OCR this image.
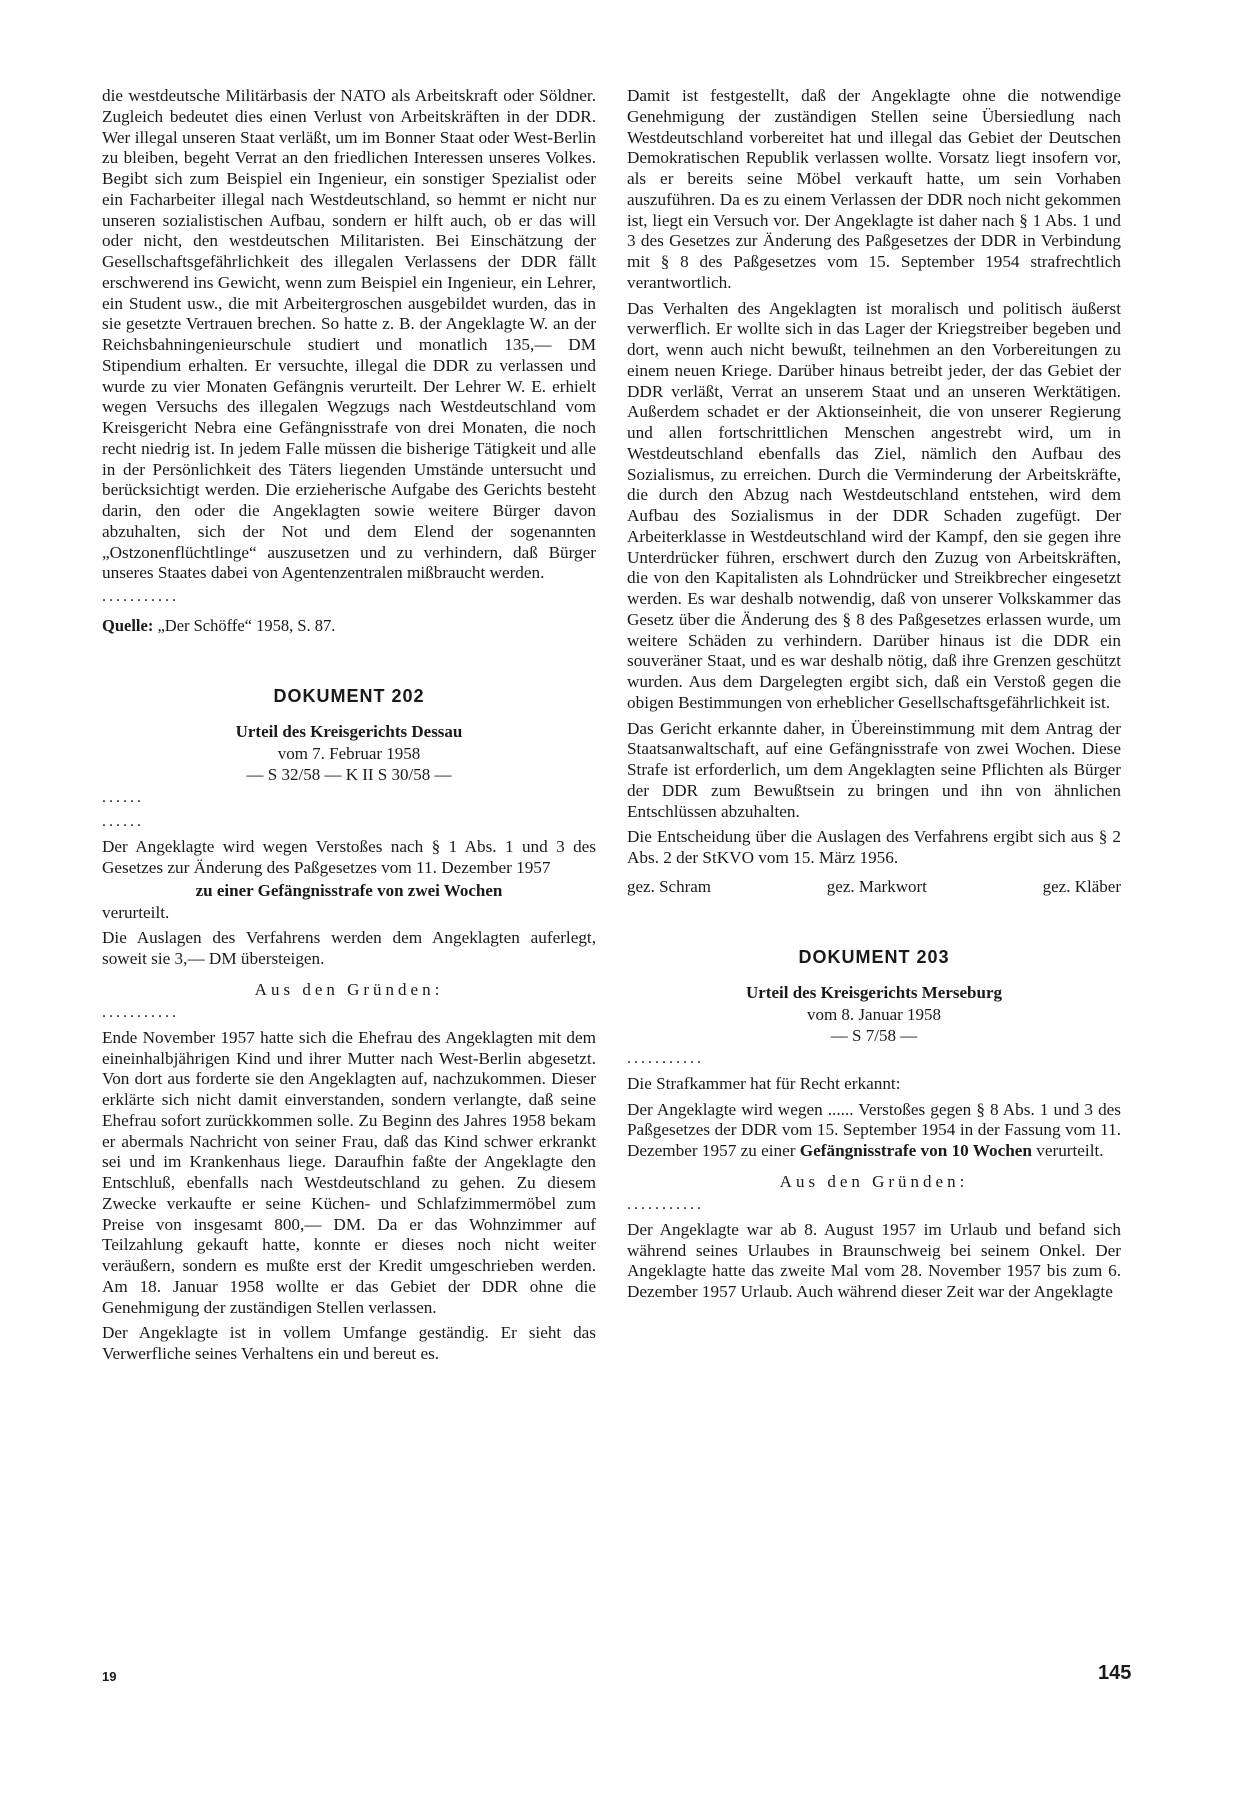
die westdeutsche Militärbasis der NATO als Arbeitskraft oder Söldner. Zugleich bedeutet dies einen Verlust von Arbeitskräften in der DDR. Wer illegal unseren Staat verläßt, um im Bonner Staat oder West-Berlin zu bleiben, begeht Verrat an den friedlichen Interessen unseres Volkes. Begibt sich zum Beispiel ein Ingenieur, ein sonstiger Spezialist oder ein Facharbeiter illegal nach Westdeutschland, so hemmt er nicht nur unseren sozialistischen Aufbau, sondern er hilft auch, ob er das will oder nicht, den westdeutschen Militaristen. Bei Einschätzung der Gesellschaftsgefährlichkeit des illegalen Verlassens der DDR fällt erschwerend ins Gewicht, wenn zum Beispiel ein Ingenieur, ein Lehrer, ein Student usw., die mit Arbeitergroschen ausgebildet wurden, das in sie gesetzte Vertrauen brechen. So hatte z. B. der Angeklagte W. an der Reichsbahningenieurschule studiert und monatlich 135,— DM Stipendium erhalten. Er versuchte, illegal die DDR zu verlassen und wurde zu vier Monaten Gefängnis verurteilt. Der Lehrer W. E. erhielt wegen Versuchs des illegalen Wegzugs nach Westdeutschland vom Kreisgericht Nebra eine Gefängnisstrafe von drei Monaten, die noch recht niedrig ist. In jedem Falle müssen die bisherige Tätigkeit und alle in der Persönlichkeit des Täters liegenden Umstände untersucht und berücksichtigt werden. Die erzieherische Aufgabe des Gerichts besteht darin, den oder die Angeklagten sowie weitere Bürger davon abzuhalten, sich der Not und dem Elend der sogenannten „Ostzonenflüchtlinge“ auszusetzen und zu verhindern, daß Bürger unseres Staates dabei von Agentenzentralen mißbraucht werden.

...........
Quelle: „Der Schöffe“ 1958, S. 87.
DOKUMENT 202
Urteil des Kreisgerichts Dessau
vom 7. Februar 1958
— S 32/58 — K II S 30/58 —
......
......

Der Angeklagte wird wegen Verstoßes nach § 1 Abs. 1 und 3 des Gesetzes zur Änderung des Paßgesetzes vom 11. Dezember 1957

zu einer Gefängnisstrafe von zwei Wochen

verurteilt.

Die Auslagen des Verfahrens werden dem Angeklagten auferlegt, soweit sie 3,— DM übersteigen.

Aus den Gründen:
...........

Ende November 1957 hatte sich die Ehefrau des Angeklagten mit dem eineinhalbjährigen Kind und ihrer Mutter nach West-Berlin abgesetzt. Von dort aus forderte sie den Angeklagten auf, nachzukommen. Dieser erklärte sich nicht damit einverstanden, sondern verlangte, daß seine Ehefrau sofort zurückkommen solle. Zu Beginn des Jahres 1958 bekam er abermals Nachricht von seiner Frau, daß das Kind schwer erkrankt sei und im Krankenhaus liege. Daraufhin faßte der Angeklagte den Entschluß, ebenfalls nach Westdeutschland zu gehen. Zu diesem Zwecke verkaufte er seine Küchen- und Schlafzimmermöbel zum Preise von insgesamt 800,— DM. Da er das Wohnzimmer auf Teilzahlung gekauft hatte, konnte er dieses noch nicht weiter veräußern, sondern es mußte erst der Kredit umgeschrieben werden. Am 18. Januar 1958 wollte er das Gebiet der DDR ohne die Genehmigung der zuständigen Stellen verlassen.

Der Angeklagte ist in vollem Umfange geständig. Er sieht das Verwerfliche seines Verhaltens ein und bereut es.

Damit ist festgestellt, daß der Angeklagte ohne die notwendige Genehmigung der zuständigen Stellen seine Übersiedlung nach Westdeutschland vorbereitet hat und illegal das Gebiet der Deutschen Demokratischen Republik verlassen wollte. Vorsatz liegt insofern vor, als er bereits seine Möbel verkauft hatte, um sein Vorhaben auszuführen. Da es zu einem Verlassen der DDR noch nicht gekommen ist, liegt ein Versuch vor. Der Angeklagte ist daher nach § 1 Abs. 1 und 3 des Gesetzes zur Änderung des Paßgesetzes der DDR in Verbindung mit § 8 des Paßgesetzes vom 15. September 1954 strafrechtlich verantwortlich.

Das Verhalten des Angeklagten ist moralisch und politisch äußerst verwerflich. Er wollte sich in das Lager der Kriegstreiber begeben und dort, wenn auch nicht bewußt, teilnehmen an den Vorbereitungen zu einem neuen Kriege. Darüber hinaus betreibt jeder, der das Gebiet der DDR verläßt, Verrat an unserem Staat und an unseren Werktätigen. Außerdem schadet er der Aktionseinheit, die von unserer Regierung und allen fortschrittlichen Menschen angestrebt wird, um in Westdeutschland ebenfalls das Ziel, nämlich den Aufbau des Sozialismus, zu erreichen. Durch die Verminderung der Arbeitskräfte, die durch den Abzug nach Westdeutschland entstehen, wird dem Aufbau des Sozialismus in der DDR Schaden zugefügt. Der Arbeiterklasse in Westdeutschland wird der Kampf, den sie gegen ihre Unterdrücker führen, erschwert durch den Zuzug von Arbeitskräften, die von den Kapitalisten als Lohndrücker und Streikbrecher eingesetzt werden. Es war deshalb notwendig, daß von unserer Volkskammer das Gesetz über die Änderung des § 8 des Paßgesetzes erlassen wurde, um weitere Schäden zu verhindern. Darüber hinaus ist die DDR ein souveräner Staat, und es war deshalb nötig, daß ihre Grenzen geschützt wurden. Aus dem Dargelegten ergibt sich, daß ein Verstoß gegen die obigen Bestimmungen von erheblicher Gesellschaftsgefährlichkeit ist.

Das Gericht erkannte daher, in Übereinstimmung mit dem Antrag der Staatsanwaltschaft, auf eine Gefängnisstrafe von zwei Wochen. Diese Strafe ist erforderlich, um dem Angeklagten seine Pflichten als Bürger der DDR zum Bewußtsein zu bringen und ihn von ähnlichen Entschlüssen abzuhalten.

Die Entscheidung über die Auslagen des Verfahrens ergibt sich aus § 2 Abs. 2 der StKVO vom 15. März 1956.

gez. Schram	gez. Markwort	gez. Kläber
DOKUMENT 203
Urteil des Kreisgerichts Merseburg
vom 8. Januar 1958
— S 7/58 —
...........

Die Strafkammer hat für Recht erkannt:

Der Angeklagte wird wegen ...... Verstoßes gegen § 8 Abs. 1 und 3 des Paßgesetzes der DDR vom 15. September 1954 in der Fassung vom 11. Dezember 1957 zu einer Gefängnisstrafe von 10 Wochen verurteilt.

Aus den Gründen:
...........

Der Angeklagte war ab 8. August 1957 im Urlaub und befand sich während seines Urlaubes in Braunschweig bei seinem Onkel. Der Angeklagte hatte das zweite Mal vom 28. November 1957 bis zum 6. Dezember 1957 Urlaub. Auch während dieser Zeit war der Angeklagte

19	145
